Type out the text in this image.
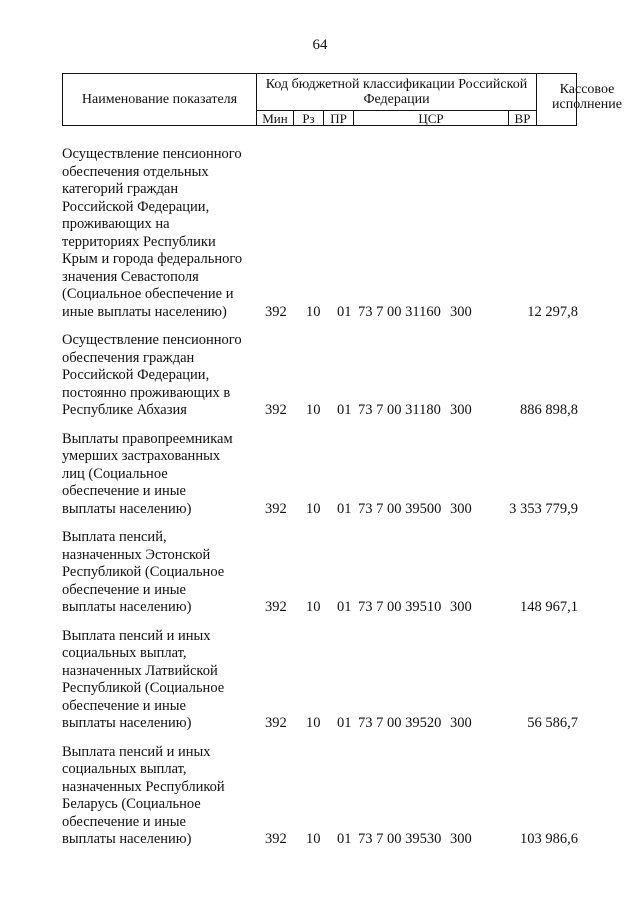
64
Наименование показателя
Код бюджетной классификации Российской Федерации
Мин	Рз	ПР	ЦСР	ВР
Кассовое исполнение
Осуществление пенсионного
обеспечения отдельных
категорий граждан
Российской Федерации,
проживающих на
территориях Республики
Крым и города федерального
значения Севастополя
(Социальное обеспечение и
иные выплаты населению)	392 10 01 73 7 00 31160 300	12 297,8
Осуществление пенсионного
обеспечения граждан
Российской Федерации,
постоянно проживающих в
Республике Абхазия	392 10 01 73 7 00 31180 300	886 898,8
Выплаты правопреемникам
умерших застрахованных
лиц (Социальное
обеспечение и иные
выплаты населению)	392 10 01 73 7 00 39500 300	3 353 779,9
Выплата пенсий,
назначенных Эстонской
Республикой (Социальное
обеспечение и иные
выплаты населению)	392 10 01 73 7 00 39510 300	148 967,1
Выплата пенсий и иных
социальных выплат,
назначенных Латвийской
Республикой (Социальное
обеспечение и иные
выплаты населению)	392 10 01 73 7 00 39520 300	56 586,7
Выплата пенсий и иных
социальных выплат,
назначенных Республикой
Беларусь (Социальное
обеспечение и иные
выплаты населению)	392 10 01 73 7 00 39530 300	103 986,6
